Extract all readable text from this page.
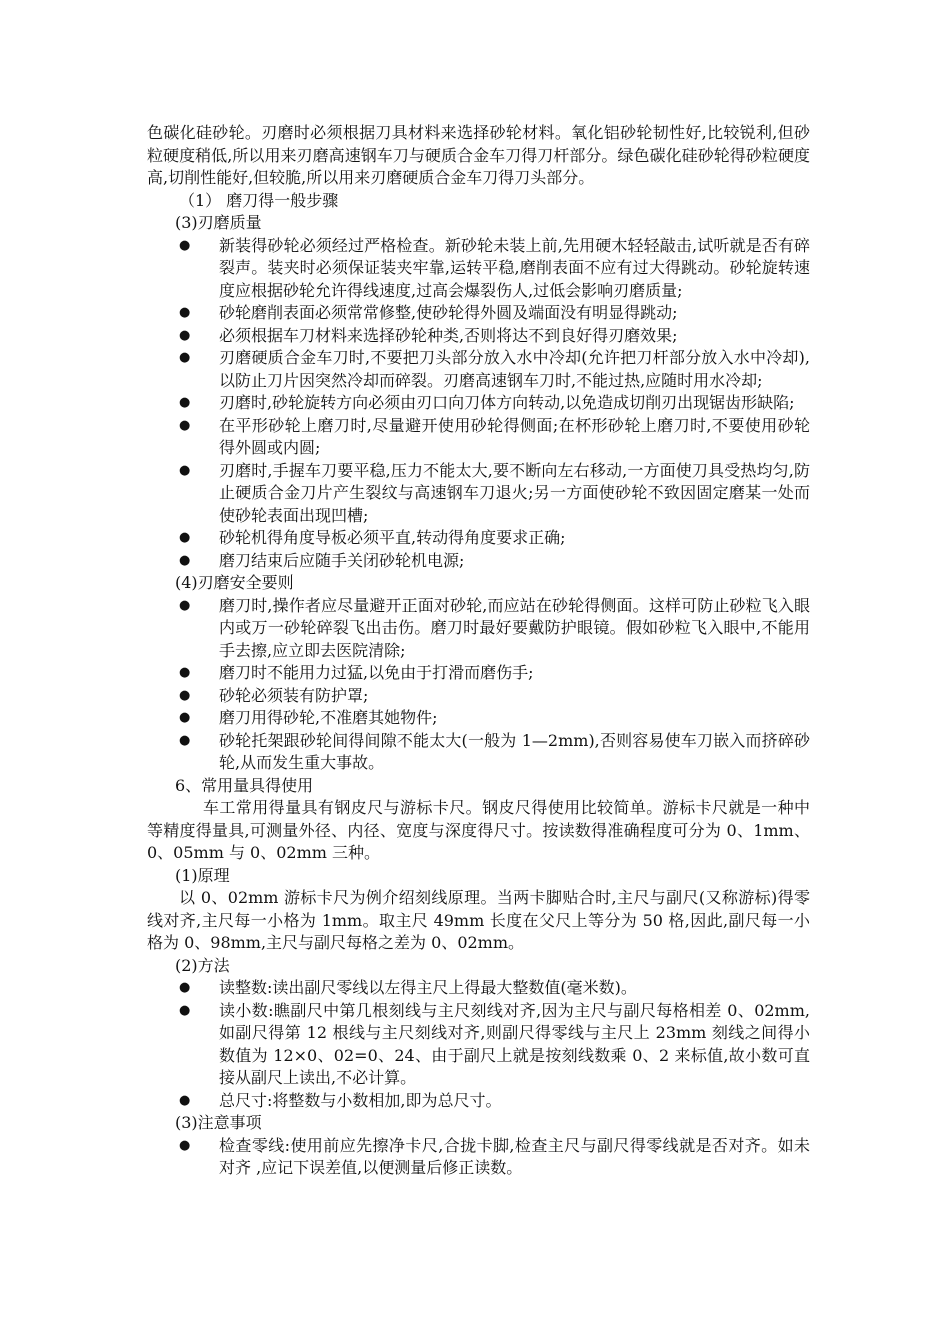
色碳化硅砂轮。刃磨时必须根据刀具材料来选择砂轮材料。氧化铝砂轮韧性好,比较锐利,但砂粒硬度稍低,所以用来刃磨高速钢车刀与硬质合金车刀得刀杆部分。绿色碳化硅砂轮得砂粒硬度高,切削性能好,但较脆,所以用来刃磨硬质合金车刀得刀头部分。

（1） 磨刀得一般步骤

(3)刃磨质量

● 新装得砂轮必须经过严格检查。新砂轮未装上前,先用硬木轻轻敲击,试听就是否有碎裂声。装夹时必须保证装夹牢靠,运转平稳,磨削表面不应有过大得跳动。砂轮旋转速度应根据砂轮允许得线速度,过高会爆裂伤人,过低会影响刃磨质量;
● 砂轮磨削表面必须常常修整,使砂轮得外圆及端面没有明显得跳动;
● 必须根据车刀材料来选择砂轮种类,否则将达不到良好得刃磨效果;
● 刃磨硬质合金车刀时,不要把刀头部分放入水中冷却(允许把刀杆部分放入水中冷却),以防止刀片因突然冷却而碎裂。刃磨高速钢车刀时,不能过热,应随时用水冷却;
● 刃磨时,砂轮旋转方向必须由刃口向刀体方向转动,以免造成切削刃出现锯齿形缺陷;
● 在平形砂轮上磨刀时,尽量避开使用砂轮得侧面;在杯形砂轮上磨刀时,不要使用砂轮得外圆或内圆;
● 刃磨时,手握车刀要平稳,压力不能太大,要不断向左右移动,一方面使刀具受热均匀,防止硬质合金刀片产生裂纹与高速钢车刀退火;另一方面使砂轮不致因固定磨某一处而使砂轮表面出现凹槽;
● 砂轮机得角度导板必须平直,转动得角度要求正确;
● 磨刀结束后应随手关闭砂轮机电源;

(4)刃磨安全要则

● 磨刀时,操作者应尽量避开正面对砂轮,而应站在砂轮得侧面。这样可防止砂粒飞入眼内或万一砂轮碎裂飞出击伤。磨刀时最好要戴防护眼镜。假如砂粒飞入眼中,不能用手去擦,应立即去医院清除;
● 磨刀时不能用力过猛,以免由于打滑而磨伤手;
● 砂轮必须装有防护罩;
● 磨刀用得砂轮,不准磨其她物件;
● 砂轮托架跟砂轮间得间隙不能太大(一般为 1—2mm),否则容易使车刀嵌入而挤碎砂轮,从而发生重大事故。

6、常用量具得使用

车工常用得量具有钢皮尺与游标卡尺。钢皮尺得使用比较简单。游标卡尺就是一种中等精度得量具,可测量外径、内径、宽度与深度得尺寸。按读数得准确程度可分为 0、1mm、0、05mm 与 0、02mm 三种。

(1)原理

以 0、02mm 游标卡尺为例介绍刻线原理。当两卡脚贴合时,主尺与副尺(又称游标)得零线对齐,主尺每一小格为 1mm。取主尺 49mm 长度在父尺上等分为 50 格,因此,副尺每一小格为 0、98mm,主尺与副尺每格之差为 0、02mm。

(2)方法

● 读整数:读出副尺零线以左得主尺上得最大整数值(毫米数)。
● 读小数:瞧副尺中第几根刻线与主尺刻线对齐,因为主尺与副尺每格相差 0、02mm,如副尺得第 12 根线与主尺刻线对齐,则副尺得零线与主尺上 23mm 刻线之间得小数值为 12×0、02=0、24、由于副尺上就是按刻线数乘 0、2 来标值,故小数可直接从副尺上读出,不必计算。
● 总尺寸:将整数与小数相加,即为总尺寸。

(3)注意事项

● 检查零线:使用前应先擦净卡尺,合拢卡脚,检查主尺与副尺得零线就是否对齐。如未对齐 ,应记下误差值,以便测量后修正读数。
